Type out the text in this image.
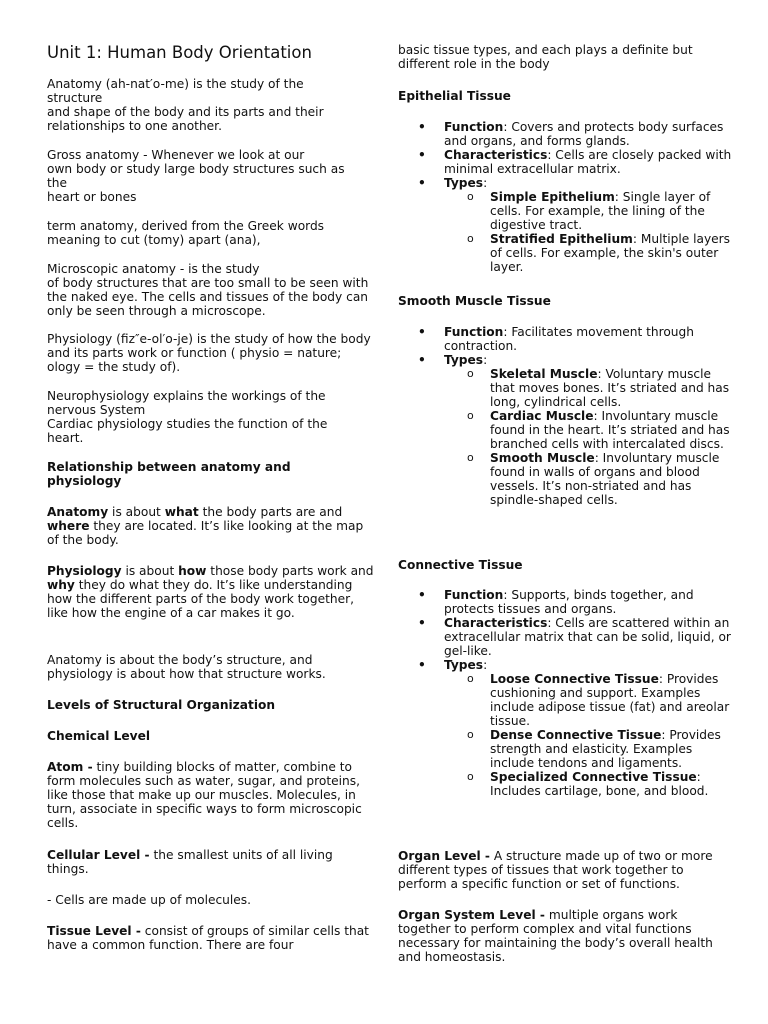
Unit 1: Human Body Orientation
Anatomy (ah-nat′o-me) is the study of the
structure
and shape of the body and its parts and their
relationships to one another.
Gross anatomy - Whenever we look at our
own body or study large body structures such as
the
heart or bones
term anatomy, derived from the Greek words meaning to cut (tomy) apart (ana),
Microscopic anatomy - is the study
of body structures that are too small to be seen with the naked eye. The cells and tissues of the body can only be seen through a microscope.
Physiology (fiz″e-ol′o-je) is the study of how the body and its parts work or function ( physio = nature; ology = the study of).
Neurophysiology explains the workings of the nervous System
Cardiac physiology studies the function of the heart.
Relationship between anatomy and physiology
Anatomy is about what the body parts are and where they are located. It’s like looking at the map of the body.
Physiology is about how those body parts work and why they do what they do. It’s like understanding how the different parts of the body work together, like how the engine of a car makes it go.
Anatomy is about the body’s structure, and physiology is about how that structure works.
Levels of Structural Organization
Chemical Level
Atom - tiny building blocks of matter, combine to form molecules such as water, sugar, and proteins, like those that make up our muscles. Molecules, in turn, associate in specific ways to form microscopic cells.
Cellular Level - the smallest units of all living things.
- Cells are made up of molecules.
Tissue Level - consist of groups of similar cells that have a common function. There are four
basic tissue types, and each plays a definite but different role in the body
Epithelial Tissue
• Function: Covers and protects body surfaces and organs, and forms glands.
• Characteristics: Cells are closely packed with minimal extracellular matrix.
• Types:
o Simple Epithelium: Single layer of cells. For example, the lining of the digestive tract.
o Stratified Epithelium: Multiple layers of cells. For example, the skin's outer layer.
Smooth Muscle Tissue
• Function: Facilitates movement through contraction.
• Types:
o Skeletal Muscle: Voluntary muscle that moves bones. It’s striated and has long, cylindrical cells.
o Cardiac Muscle: Involuntary muscle found in the heart. It’s striated and has branched cells with intercalated discs.
o Smooth Muscle: Involuntary muscle found in walls of organs and blood vessels. It’s non-striated and has spindle-shaped cells.
Connective Tissue
• Function: Supports, binds together, and protects tissues and organs.
• Characteristics: Cells are scattered within an extracellular matrix that can be solid, liquid, or gel-like.
• Types:
o Loose Connective Tissue: Provides cushioning and support. Examples include adipose tissue (fat) and areolar tissue.
o Dense Connective Tissue: Provides strength and elasticity. Examples include tendons and ligaments.
o Specialized Connective Tissue: Includes cartilage, bone, and blood.
Organ Level - A structure made up of two or more different types of tissues that work together to perform a specific function or set of functions.
Organ System Level - multiple organs work together to perform complex and vital functions necessary for maintaining the body’s overall health and homeostasis.
